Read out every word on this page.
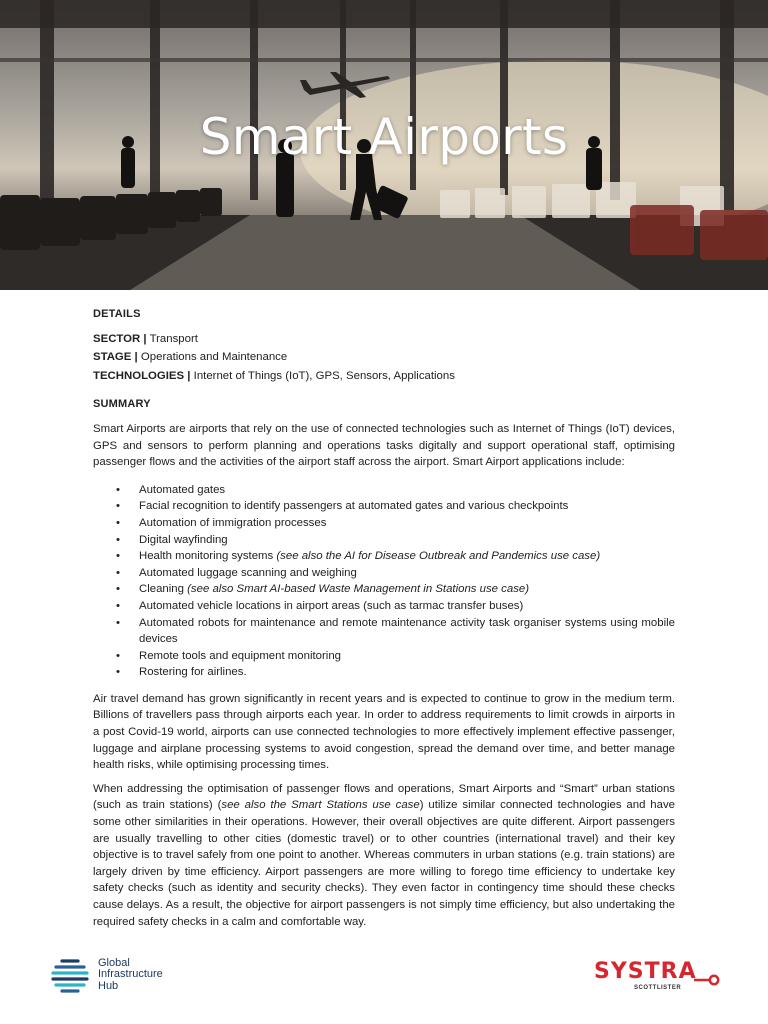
Smart Airports
DETAILS
SECTOR | Transport
STAGE | Operations and Maintenance
TECHNOLOGIES | Internet of Things (IoT), GPS, Sensors, Applications
SUMMARY

Smart Airports are airports that rely on the use of connected technologies such as Internet of Things (IoT) devices, GPS and sensors to perform planning and operations tasks digitally and support operational staff, optimising passenger flows and the activities of the airport staff across the airport. Smart Airport applications include:

• Automated gates
• Facial recognition to identify passengers at automated gates and various checkpoints
• Automation of immigration processes
• Digital wayfinding
• Health monitoring systems (see also the AI for Disease Outbreak and Pandemics use case)
• Automated luggage scanning and weighing
• Cleaning (see also Smart AI-based Waste Management in Stations use case)
• Automated vehicle locations in airport areas (such as tarmac transfer buses)
• Automated robots for maintenance and remote maintenance activity task organiser systems using mobile devices
• Remote tools and equipment monitoring
• Rostering for airlines.

Air travel demand has grown significantly in recent years and is expected to continue to grow in the medium term. Billions of travellers pass through airports each year. In order to address requirements to limit crowds in airports in a post Covid-19 world, airports can use connected technologies to more effectively implement effective passenger, luggage and airplane processing systems to avoid congestion, spread the demand over time, and better manage health risks, while optimising processing times.

When addressing the optimisation of passenger flows and operations, Smart Airports and “Smart” urban stations (such as train stations) (see also the Smart Stations use case) utilize similar connected technologies and have some other similarities in their operations. However, their overall objectives are quite different. Airport passengers are usually travelling to other cities (domestic travel) or to other countries (international travel) and their key objective is to travel safely from one point to another. Whereas commuters in urban stations (e.g. train stations) are largely driven by time efficiency. Airport passengers are more willing to forego time efficiency to undertake key safety checks (such as identity and security checks). They even factor in contingency time should these checks cause delays. As a result, the objective for airport passengers is not simply time efficiency, but also undertaking the required safety checks in a calm and comfortable way.

Global
Infrastructure
Hub
SYSTRA
SCOTTLISTER
